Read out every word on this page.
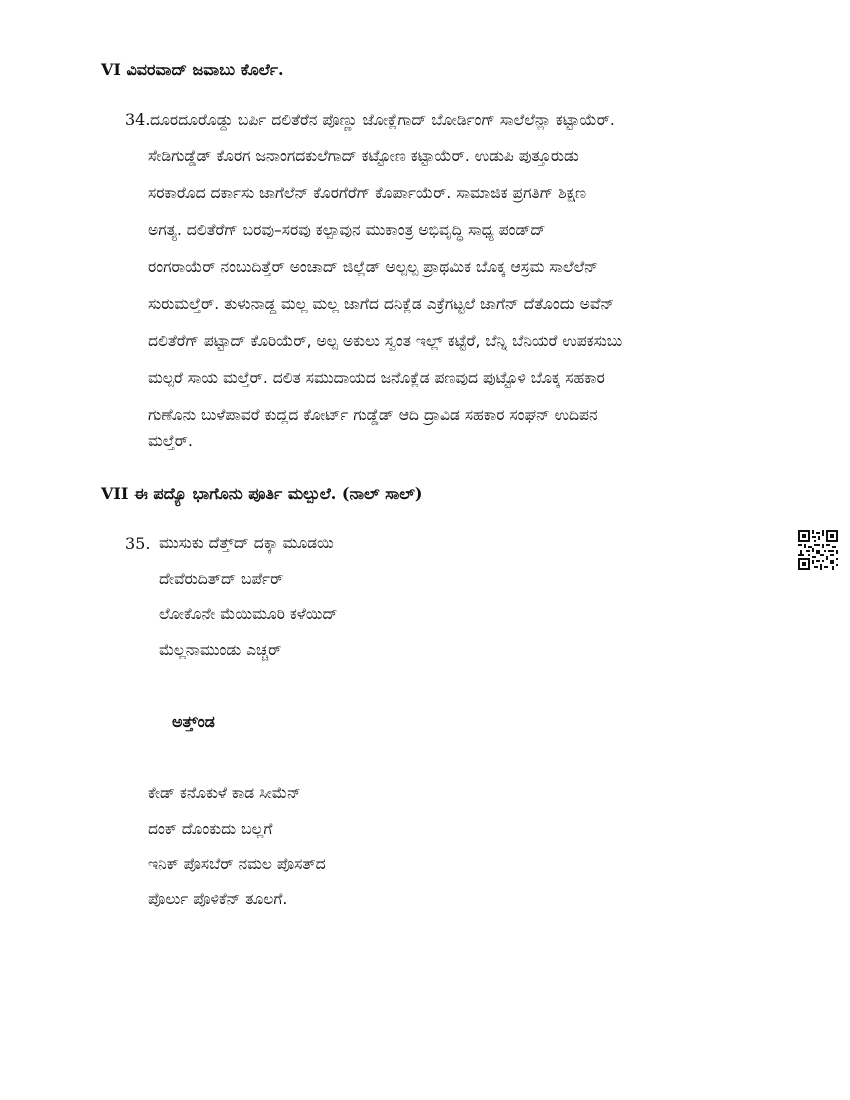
VI ವಿವರವಾದ್ ಜವಾಬು ಕೊರ್ಲೆ.
34. ದೂರದೂರೊಡ್ದು ಬರ್ಪಿ ದಲಿತೆರೆನ ಪೊಣ್ಣು ಜೋಕ್ಲೆಗಾದ್ ಬೋರ್ಡಿಂಗ್ ಸಾಲೆಲೆನ್ಲಾ ಕಟ್ಟಾಯೆರ್.
ಸೇಡಿಗುಡ್ಡೆಡ್ ಕೊರಗ ಜನಾಂಗದಕುಲೆಗಾದ್ ಕಟ್ಟೋಣ ಕಟ್ಟಾಯೆರ್. ಉಡುಪಿ ಪುತ್ತೂರುಡು
ಸರಕಾರೊದ ದರ್ಕಾಸು ಜಾಗೆಲೆನ್ ಕೊರಗೆರೆಗ್ ಕೊರ್ಪಾಯೆರ್. ಸಾಮಾಜಿಕ ಪ್ರಗತಿಗ್ ಶಿಕ್ಷಣ
ಅಗತ್ಯ. ದಲಿತೆರೆಗ್ ಬರವು–ಸರವು ಕಲ್ಪಾವುನ ಮುಕಾಂತ್ರ ಅಭಿವೃದ್ಧಿ ಸಾಧ್ಯ ಪಂಡ್‌ದ್
ರಂಗರಾಯೆರ್ ನಂಬುದಿತ್ತೆರ್ ಅಂಚಾದ್ ಜಿಲ್ಲೆಡ್ ಅಲ್ಪಲ್ಪ ಪ್ರಾಥಮಿಕ ಬೊಕ್ಕ ಆಸ್ರಮ ಸಾಲೆಲೆನ್
ಸುರುಮಲ್ತೆರ್. ತುಳುನಾಡ್ದ ಮಲ್ಲ ಮಲ್ಲ ಜಾಗೆದ ದನಿಕ್ಲೆಡ ಎಕ್ರೆಗಟ್ಟಲೆ ಜಾಗೆನ್ ದೆತೊಂದು ಅವೆನ್
ದಲಿತೆರೆಗ್ ಪಟ್ಟಾದ್ ಕೊರಿಯೆರ್, ಅಲ್ಪ ಅಕುಲು ಸ್ವಂತ ಇಲ್ಲ್ ಕಟ್ಟೆರೆ, ಬೆನ್ನಿ ಬೆನಿಯರೆ ಉಪಕಸುಬು
ಮಲ್ಪರೆ ಸಾಯ ಮಲ್ತೆರ್. ದಲಿತ ಸಮುದಾಯದ ಜನೊಕ್ಲೆಡ ಪಣವುದ ಪುಟ್ಟೊಳಿ ಬೊಕ್ಕ ಸಹಕಾರ
ಗುಣೊನು ಬುಳೆಪಾವರೆ ಕುದ್ಲದ ಕೋರ್ಟ್ ಗುಡ್ಡೆಡ್ ಆದಿ ದ್ರಾವಿಡ ಸಹಕಾರ ಸಂಘನ್ ಉದಿಪನ
ಮಲ್ತೆರ್.
VII ಈ ಪದ್ಯೊ ಭಾಗೊನು ಪೂರ್ತಿ ಮಲ್ಪುಲೆ. (ನಾಲ್ ಸಾಲ್)
35. ಮುಸುಕು ದೆತ್ತ್‌ದ್ ದಕ್ಕಾ ಮೂಡಯಿ
ದೇವೆರುದಿತ್‌ದ್ ಬರ್ಪೆರ್
ಲೋಕೊನೇ ಮೆಯಿಮೂರಿ ಕಳೆಯಿದ್
ಮೆಲ್ಲನಾಮುಂಡು ಎಚ್ಚರ್
ಅತ್ತ್‌ಂಡ
ಕೇಡ್ ಕನೊಕುಳೆ ಕಾಡ ಸೀಮೆನ್
ದಂಕ್ ದೊಂಕುದು ಬಲ್ಲಗೆ
ಇನಿಕ್ ಪೊಸಬೆರ್ ನಮಲ ಪೊಸತ್‌ದ
ಪೊರ್ಲು ಪೊಳಿಕೆನ್ ತೂಲಗೆ.
